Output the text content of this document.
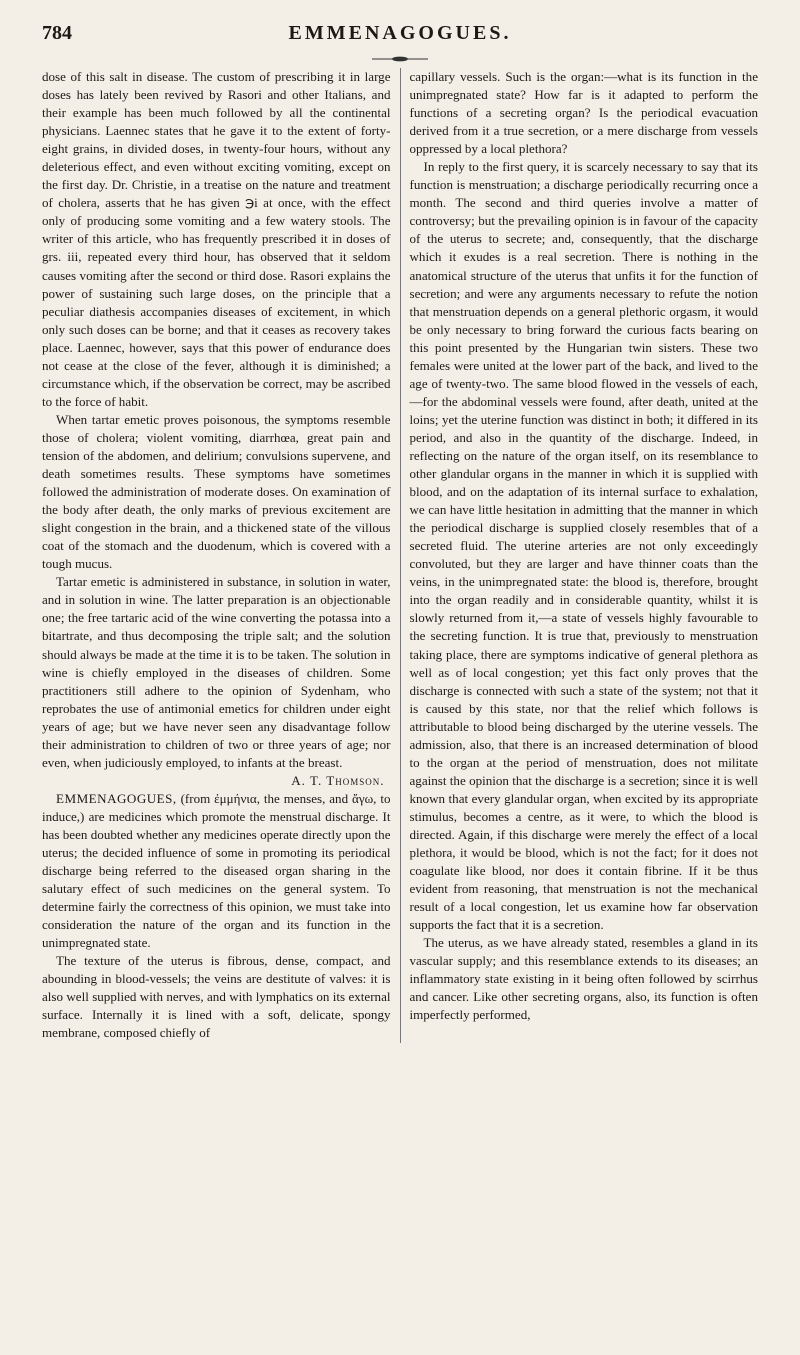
784	EMMENAGOGUES.

dose of this salt in disease. The custom of prescribing it in large doses has lately been revived by Rasori and other Italians, and their example has been much followed by all the continental physicians. Laennec states that he gave it to the extent of forty-eight grains, in divided doses, in twenty-four hours, without any deleterious effect, and even without exciting vomiting, except on the first day. Dr. Christie, in a treatise on the nature and treatment of cholera, asserts that he has given ℈i at once, with the effect only of producing some vomiting and a few watery stools. The writer of this article, who has frequently prescribed it in doses of grs. iii, repeated every third hour, has observed that it seldom causes vomiting after the second or third dose. Rasori explains the power of sustaining such large doses, on the principle that a peculiar diathesis accompanies diseases of excitement, in which only such doses can be borne; and that it ceases as recovery takes place. Laennec, however, says that this power of endurance does not cease at the close of the fever, although it is diminished; a circumstance which, if the observation be correct, may be ascribed to the force of habit.

When tartar emetic proves poisonous, the symptoms resemble those of cholera; violent vomiting, diarrhœa, great pain and tension of the abdomen, and delirium; convulsions supervene, and death sometimes results. These symptoms have sometimes followed the administration of moderate doses. On examination of the body after death, the only marks of previous excitement are slight congestion in the brain, and a thickened state of the villous coat of the stomach and the duodenum, which is covered with a tough mucus.

Tartar emetic is administered in substance, in solution in water, and in solution in wine. The latter preparation is an objectionable one; the free tartaric acid of the wine converting the potassa into a bitartrate, and thus decomposing the triple salt; and the solution should always be made at the time it is to be taken. The solution in wine is chiefly employed in the diseases of children. Some practitioners still adhere to the opinion of Sydenham, who reprobates the use of antimonial emetics for children under eight years of age; but we have never seen any disadvantage follow their administration to children of two or three years of age; nor even, when judiciously employed, to infants at the breast.

A. T. Thomson.

EMMENAGOGUES, (from ἐμμήνια, the menses, and ἄγω, to induce,) are medicines which promote the menstrual discharge. It has been doubted whether any medicines operate directly upon the uterus; the decided influence of some in promoting its periodical discharge being referred to the diseased organ sharing in the salutary effect of such medicines on the general system. To determine fairly the correctness of this opinion, we must take into consideration the nature of the organ and its function in the unimpregnated state.

The texture of the uterus is fibrous, dense, compact, and abounding in blood-vessels; the veins are destitute of valves: it is also well supplied with nerves, and with lymphatics on its external surface. Internally it is lined with a soft, delicate, spongy membrane, composed chiefly of

capillary vessels. Such is the organ:—what is its function in the unimpregnated state? How far is it adapted to perform the functions of a secreting organ? Is the periodical evacuation derived from it a true secretion, or a mere discharge from vessels oppressed by a local plethora?

In reply to the first query, it is scarcely necessary to say that its function is menstruation; a discharge periodically recurring once a month. The second and third queries involve a matter of controversy; but the prevailing opinion is in favour of the capacity of the uterus to secrete; and, consequently, that the discharge which it exudes is a real secretion. There is nothing in the anatomical structure of the uterus that unfits it for the function of secretion; and were any arguments necessary to refute the notion that menstruation depends on a general plethoric orgasm, it would be only necessary to bring forward the curious facts bearing on this point presented by the Hungarian twin sisters. These two females were united at the lower part of the back, and lived to the age of twenty-two. The same blood flowed in the vessels of each,—for the abdominal vessels were found, after death, united at the loins; yet the uterine function was distinct in both; it differed in its period, and also in the quantity of the discharge. Indeed, in reflecting on the nature of the organ itself, on its resemblance to other glandular organs in the manner in which it is supplied with blood, and on the adaptation of its internal surface to exhalation, we can have little hesitation in admitting that the manner in which the periodical discharge is supplied closely resembles that of a secreted fluid. The uterine arteries are not only exceedingly convoluted, but they are larger and have thinner coats than the veins, in the unimpregnated state: the blood is, therefore, brought into the organ readily and in considerable quantity, whilst it is slowly returned from it,—a state of vessels highly favourable to the secreting function. It is true that, previously to menstruation taking place, there are symptoms indicative of general plethora as well as of local congestion; yet this fact only proves that the discharge is connected with such a state of the system; not that it is caused by this state, nor that the relief which follows is attributable to blood being discharged by the uterine vessels. The admission, also, that there is an increased determination of blood to the organ at the period of menstruation, does not militate against the opinion that the discharge is a secretion; since it is well known that every glandular organ, when excited by its appropriate stimulus, becomes a centre, as it were, to which the blood is directed. Again, if this discharge were merely the effect of a local plethora, it would be blood, which is not the fact; for it does not coagulate like blood, nor does it contain fibrine. If it be thus evident from reasoning, that menstruation is not the mechanical result of a local congestion, let us examine how far observation supports the fact that it is a secretion.

The uterus, as we have already stated, resembles a gland in its vascular supply; and this resemblance extends to its diseases; an inflammatory state existing in it being often followed by scirrhus and cancer. Like other secreting organs, also, its function is often imperfectly performed,
